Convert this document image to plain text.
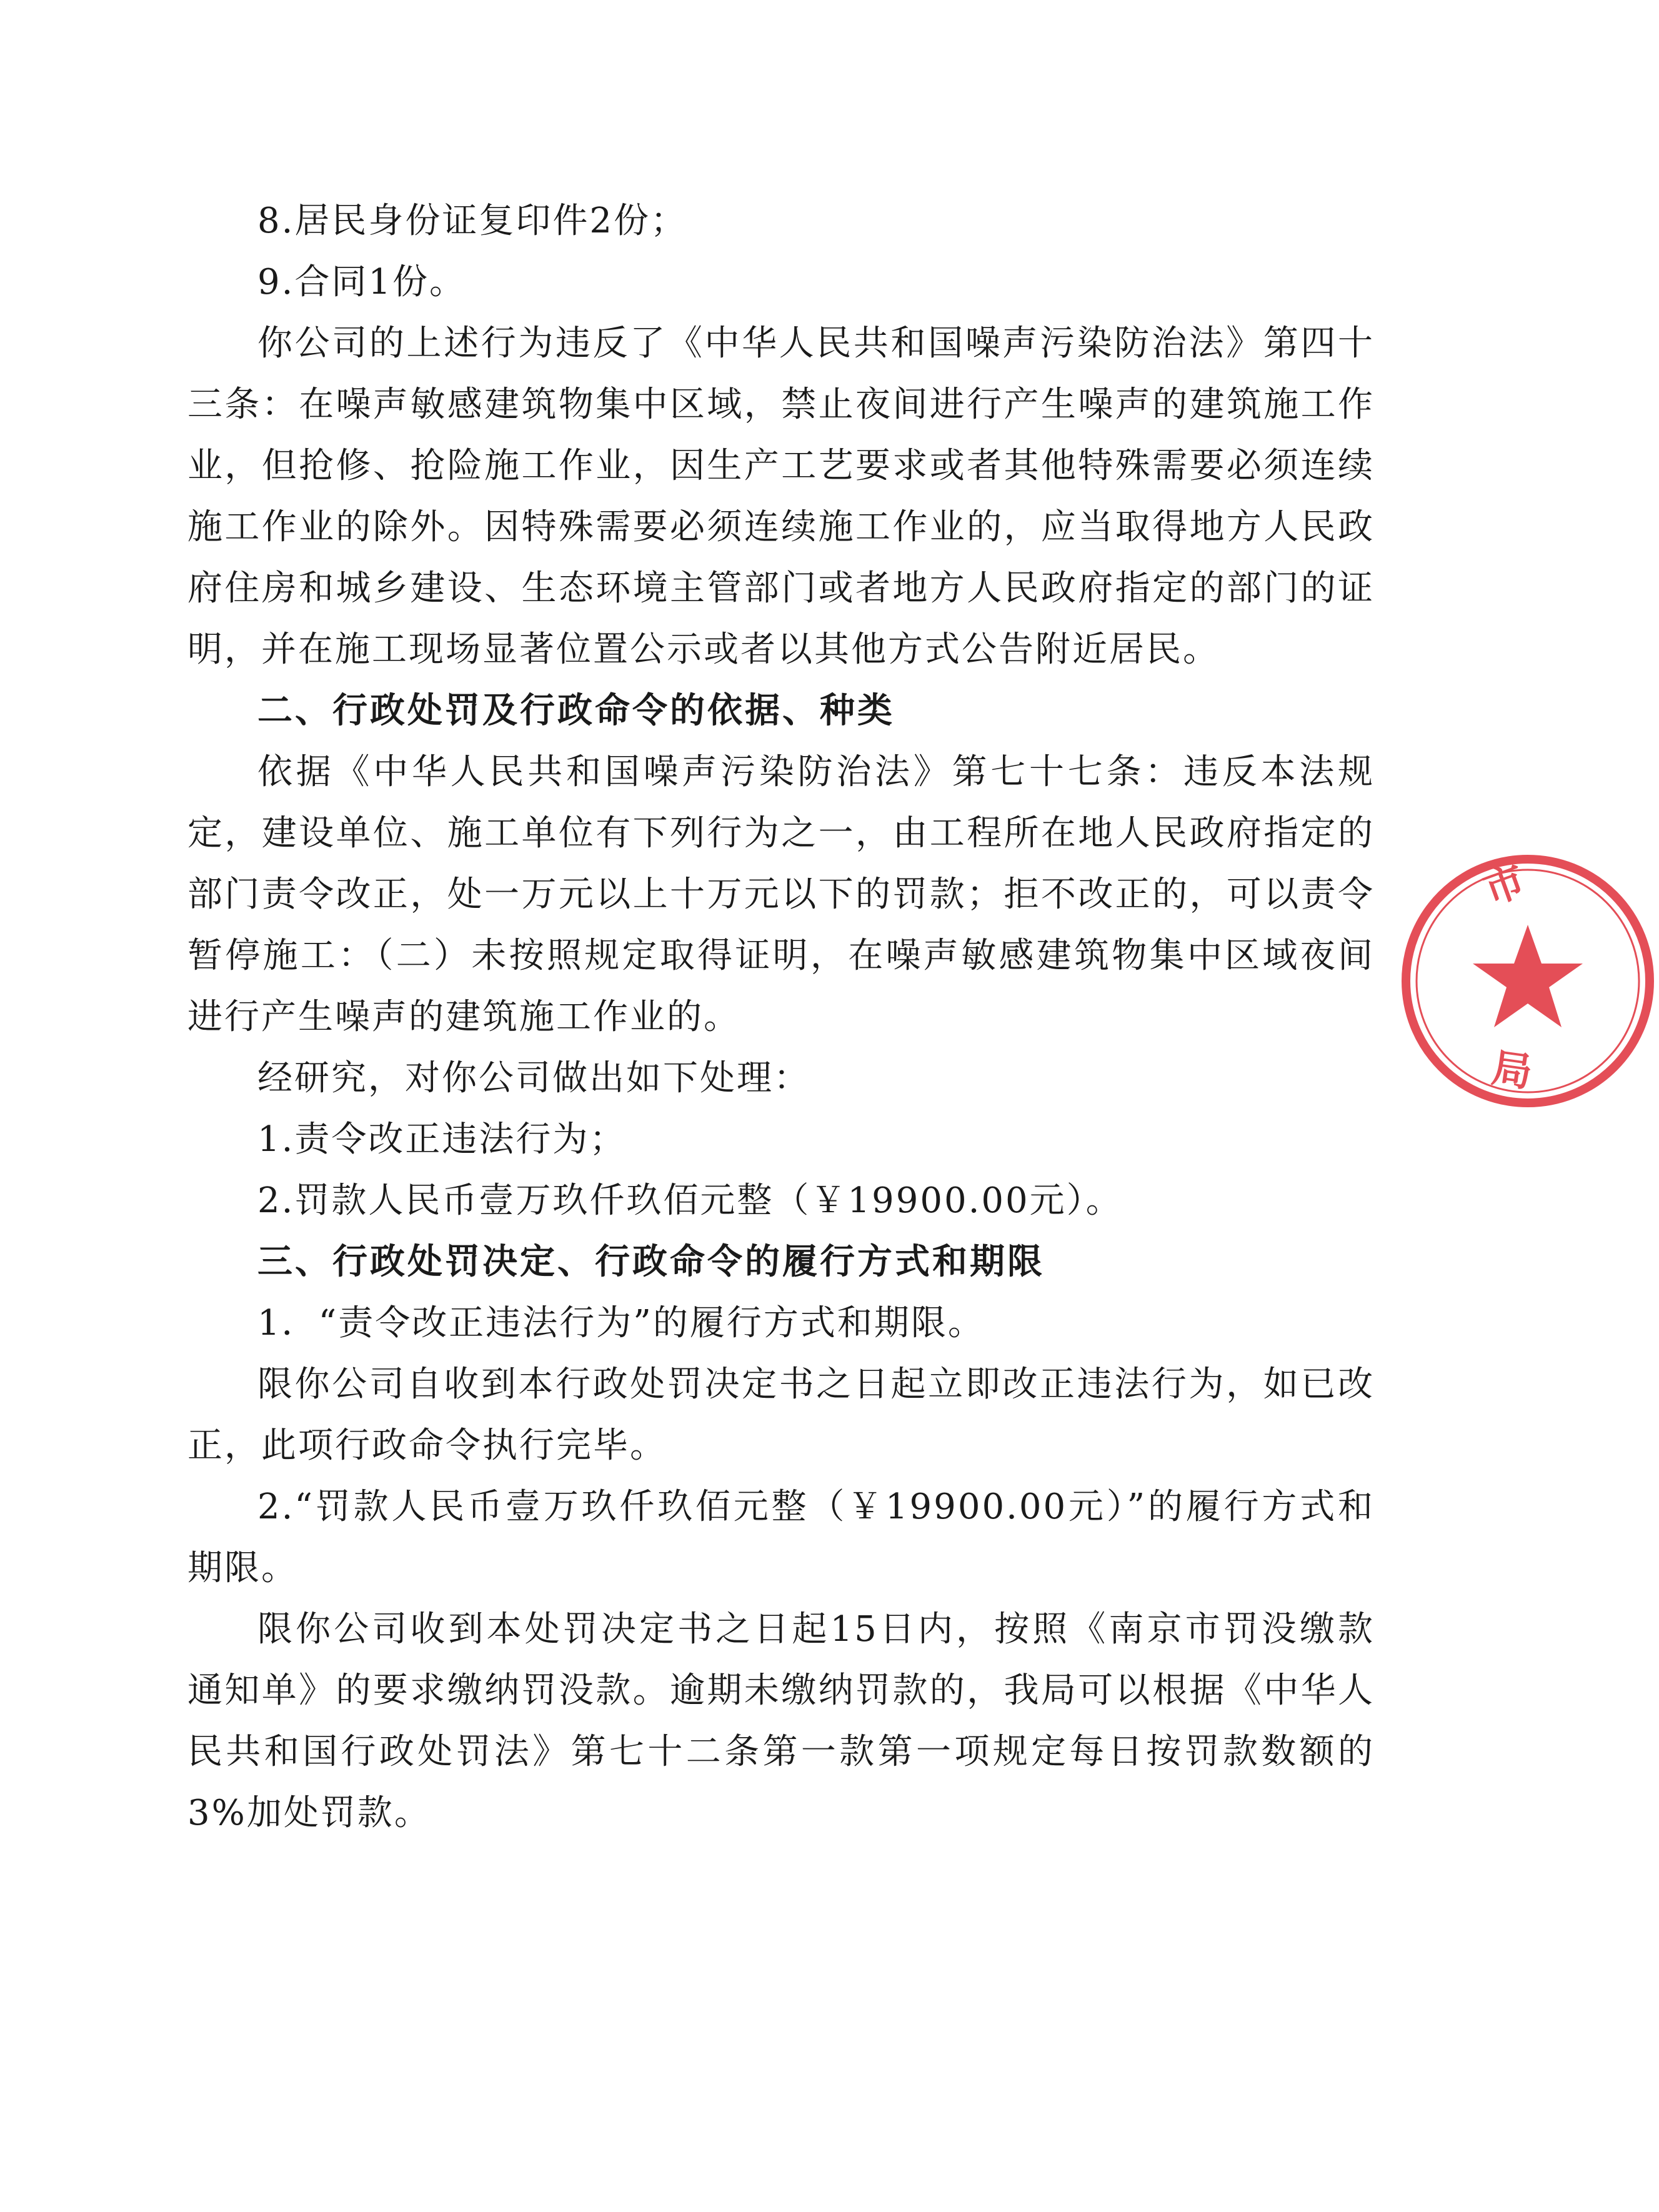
8.居民身份证复印件2份；

9.合同1份。

你公司的上述行为违反了《中华人民共和国噪声污染防治法》第四十三条：在噪声敏感建筑物集中区域，禁止夜间进行产生噪声的建筑施工作业，但抢修、抢险施工作业，因生产工艺要求或者其他特殊需要必须连续施工作业的除外。因特殊需要必须连续施工作业的，应当取得地方人民政府住房和城乡建设、生态环境主管部门或者地方人民政府指定的部门的证明，并在施工现场显著位置公示或者以其他方式公告附近居民。

二、行政处罚及行政命令的依据、种类

依据《中华人民共和国噪声污染防治法》第七十七条：违反本法规定，建设单位、施工单位有下列行为之一，由工程所在地人民政府指定的部门责令改正，处一万元以上十万元以下的罚款；拒不改正的，可以责令暂停施工：（二）未按照规定取得证明，在噪声敏感建筑物集中区域夜间进行产生噪声的建筑施工作业的。

经研究，对你公司做出如下处理：

1.责令改正违法行为；

2.罚款人民币壹万玖仟玖佰元整（￥19900.00元）。

三、行政处罚决定、行政命令的履行方式和期限

1．“责令改正违法行为”的履行方式和期限。

限你公司自收到本行政处罚决定书之日起立即改正违法行为，如已改正，此项行政命令执行完毕。

2.“罚款人民币壹万玖仟玖佰元整（￥19900.00元）”的履行方式和期限。

限你公司收到本处罚决定书之日起15日内，按照《南京市罚没缴款通知单》的要求缴纳罚没款。逾期未缴纳罚款的，我局可以根据《中华人民共和国行政处罚法》第七十二条第一款第一项规定每日按罚款数额的3%加处罚款。

市
局
·
